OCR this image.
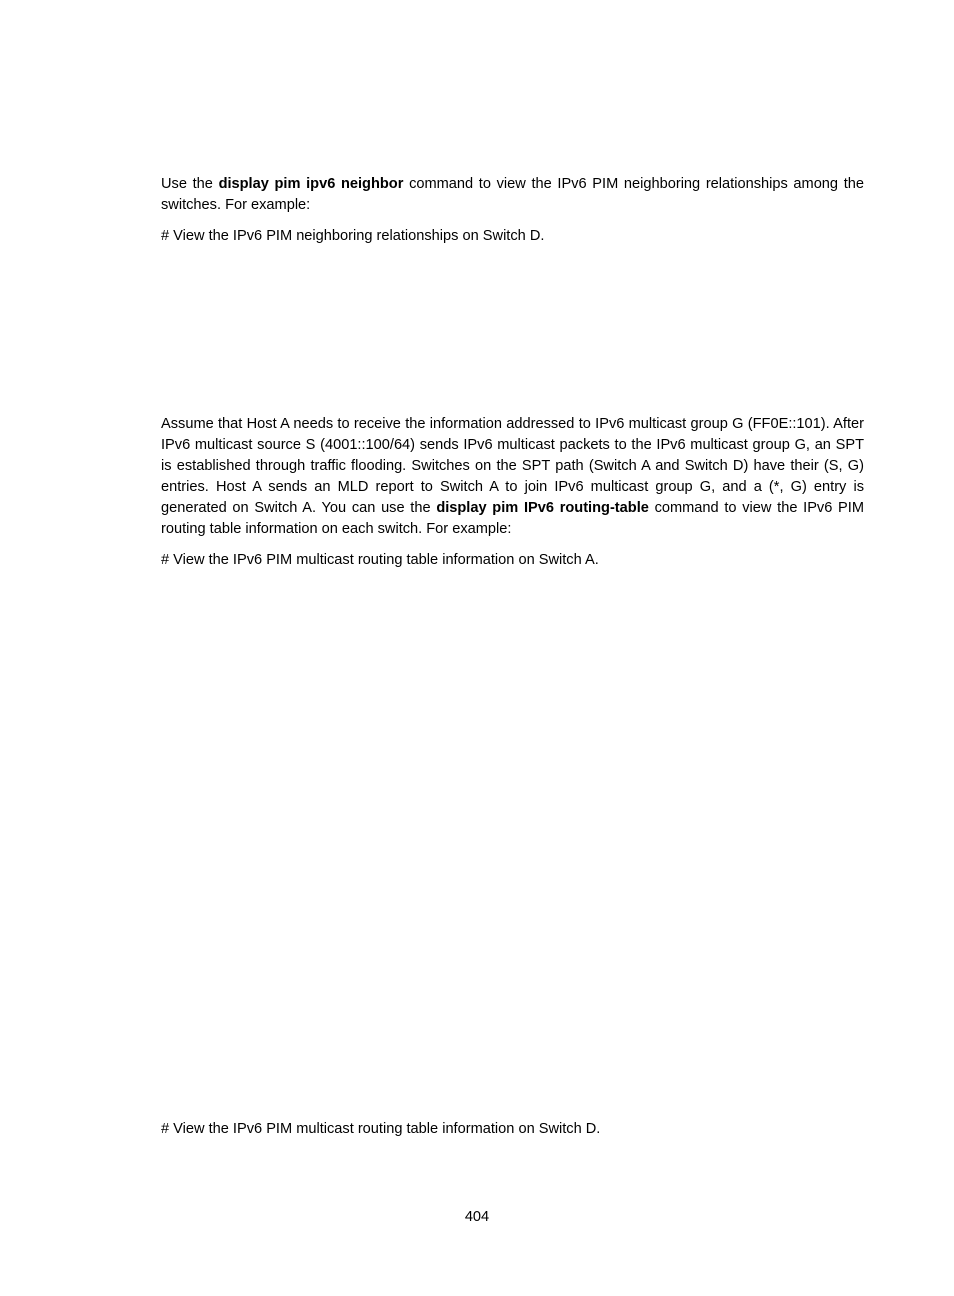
Use the display pim ipv6 neighbor command to view the IPv6 PIM neighboring relationships among the switches. For example:

# View the IPv6 PIM neighboring relationships on Switch D.

Assume that Host A needs to receive the information addressed to IPv6 multicast group G (FF0E::101). After IPv6 multicast source S (4001::100/64) sends IPv6 multicast packets to the IPv6 multicast group G, an SPT is established through traffic flooding. Switches on the SPT path (Switch A and Switch D) have their (S, G) entries. Host A sends an MLD report to Switch A to join IPv6 multicast group G, and a (*, G) entry is generated on Switch A. You can use the display pim IPv6 routing-table command to view the IPv6 PIM routing table information on each switch. For example:

# View the IPv6 PIM multicast routing table information on Switch A.

# View the IPv6 PIM multicast routing table information on Switch D.

404
